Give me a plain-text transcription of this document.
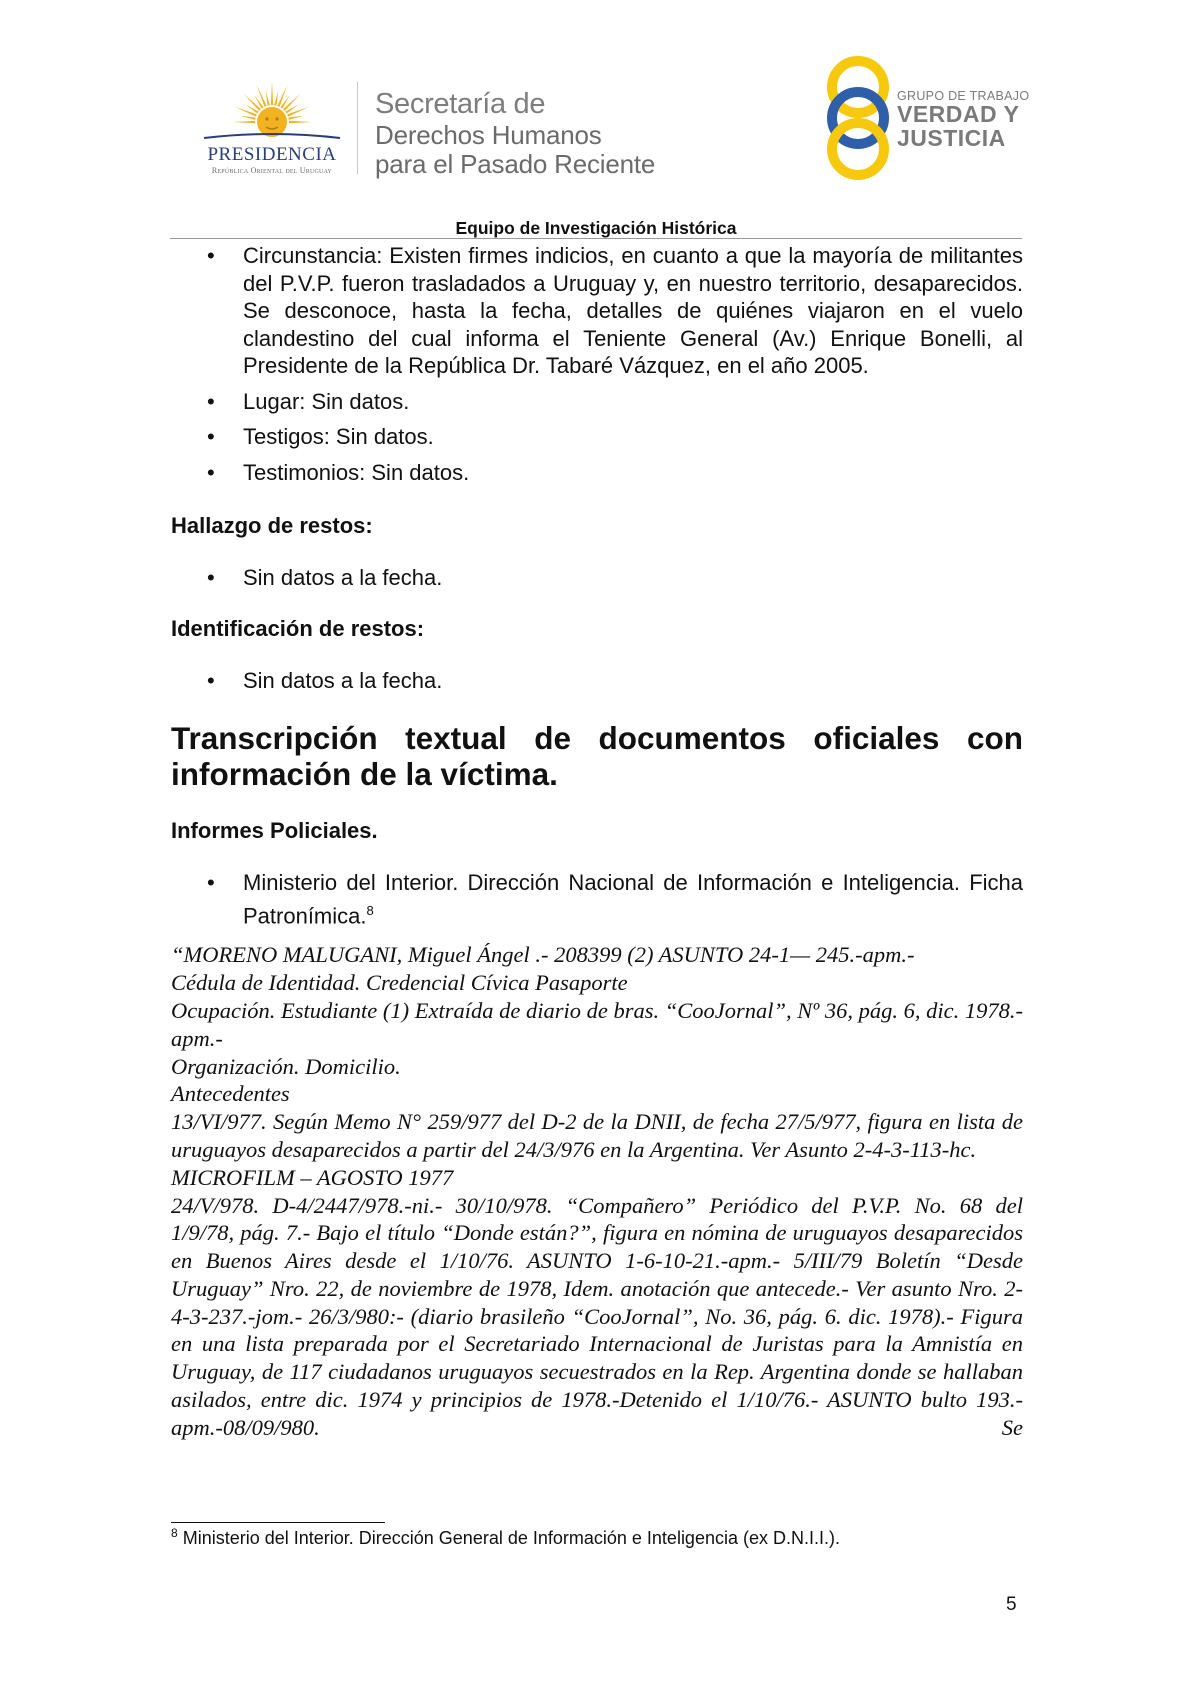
PRESIDENCIA
República Oriental del Uruguay
Secretaría de
Derechos Humanos
para el Pasado Reciente
GRUPO DE TRABAJO
VERDAD Y
JUSTICIA
Equipo de Investigación Histórica
• Circunstancia: Existen firmes indicios, en cuanto a que la mayoría de militantes del P.V.P. fueron trasladados a Uruguay y, en nuestro territorio, desaparecidos. Se desconoce, hasta la fecha, detalles de quiénes viajaron en el vuelo clandestino del cual informa el Teniente General (Av.) Enrique Bonelli, al Presidente de la República Dr. Tabaré Vázquez, en el año 2005.
• Lugar: Sin datos.
• Testigos: Sin datos.
• Testimonios: Sin datos.
Hallazgo de restos:
• Sin datos a la fecha.
Identificación de restos:
• Sin datos a la fecha.
Transcripción textual de documentos oficiales con información de la víctima.
Informes Policiales.
• Ministerio del Interior. Dirección Nacional de Información e Inteligencia. Ficha Patronímica.$^8$

“MORENO MALUGANI, Miguel Ángel .- 208399 (2) ASUNTO 24-1— 245.-apm.-

Cédula de Identidad. Credencial Cívica Pasaporte

Ocupación. Estudiante (1) Extraída de diario de bras. “CooJornal”, Nº 36, pág. 6, dic. 1978.- apm.-

Organización. Domicilio.

Antecedentes

13/VI/977. Según Memo N° 259/977 del D-2 de la DNII, de fecha 27/5/977, figura en lista de uruguayos desaparecidos a partir del 24/3/976 en la Argentina. Ver Asunto 2-4-3-113-hc.

MICROFILM – AGOSTO 1977

24/V/978. D-4/2447/978.-ni.- 30/10/978. “Compañero” Periódico del P.V.P. No. 68 del 1/9/78, pág. 7.- Bajo el título “Donde están?”, figura en nómina de uruguayos desaparecidos en Buenos Aires desde el 1/10/76. ASUNTO 1-6-10-21.-apm.- 5/III/79 Boletín “Desde Uruguay” Nro. 22, de noviembre de 1978, Idem. anotación que antecede.- Ver asunto Nro. 2-4-3-237.-jom.- 26/3/980:- (diario brasileño “CooJornal”, No. 36, pág. 6. dic. 1978).- Figura en una lista preparada por el Secretariado Internacional de Juristas para la Amnistía en Uruguay, de 117 ciudadanos uruguayos secuestrados en la Rep. Argentina donde se hallaban asilados, entre dic. 1974 y principios de 1978.-Detenido el 1/10/76.- ASUNTO bulto 193.-apm.-08/09/980. Se

$^8$ Ministerio del Interior. Dirección General de Información e Inteligencia (ex D.N.I.I.).
5
